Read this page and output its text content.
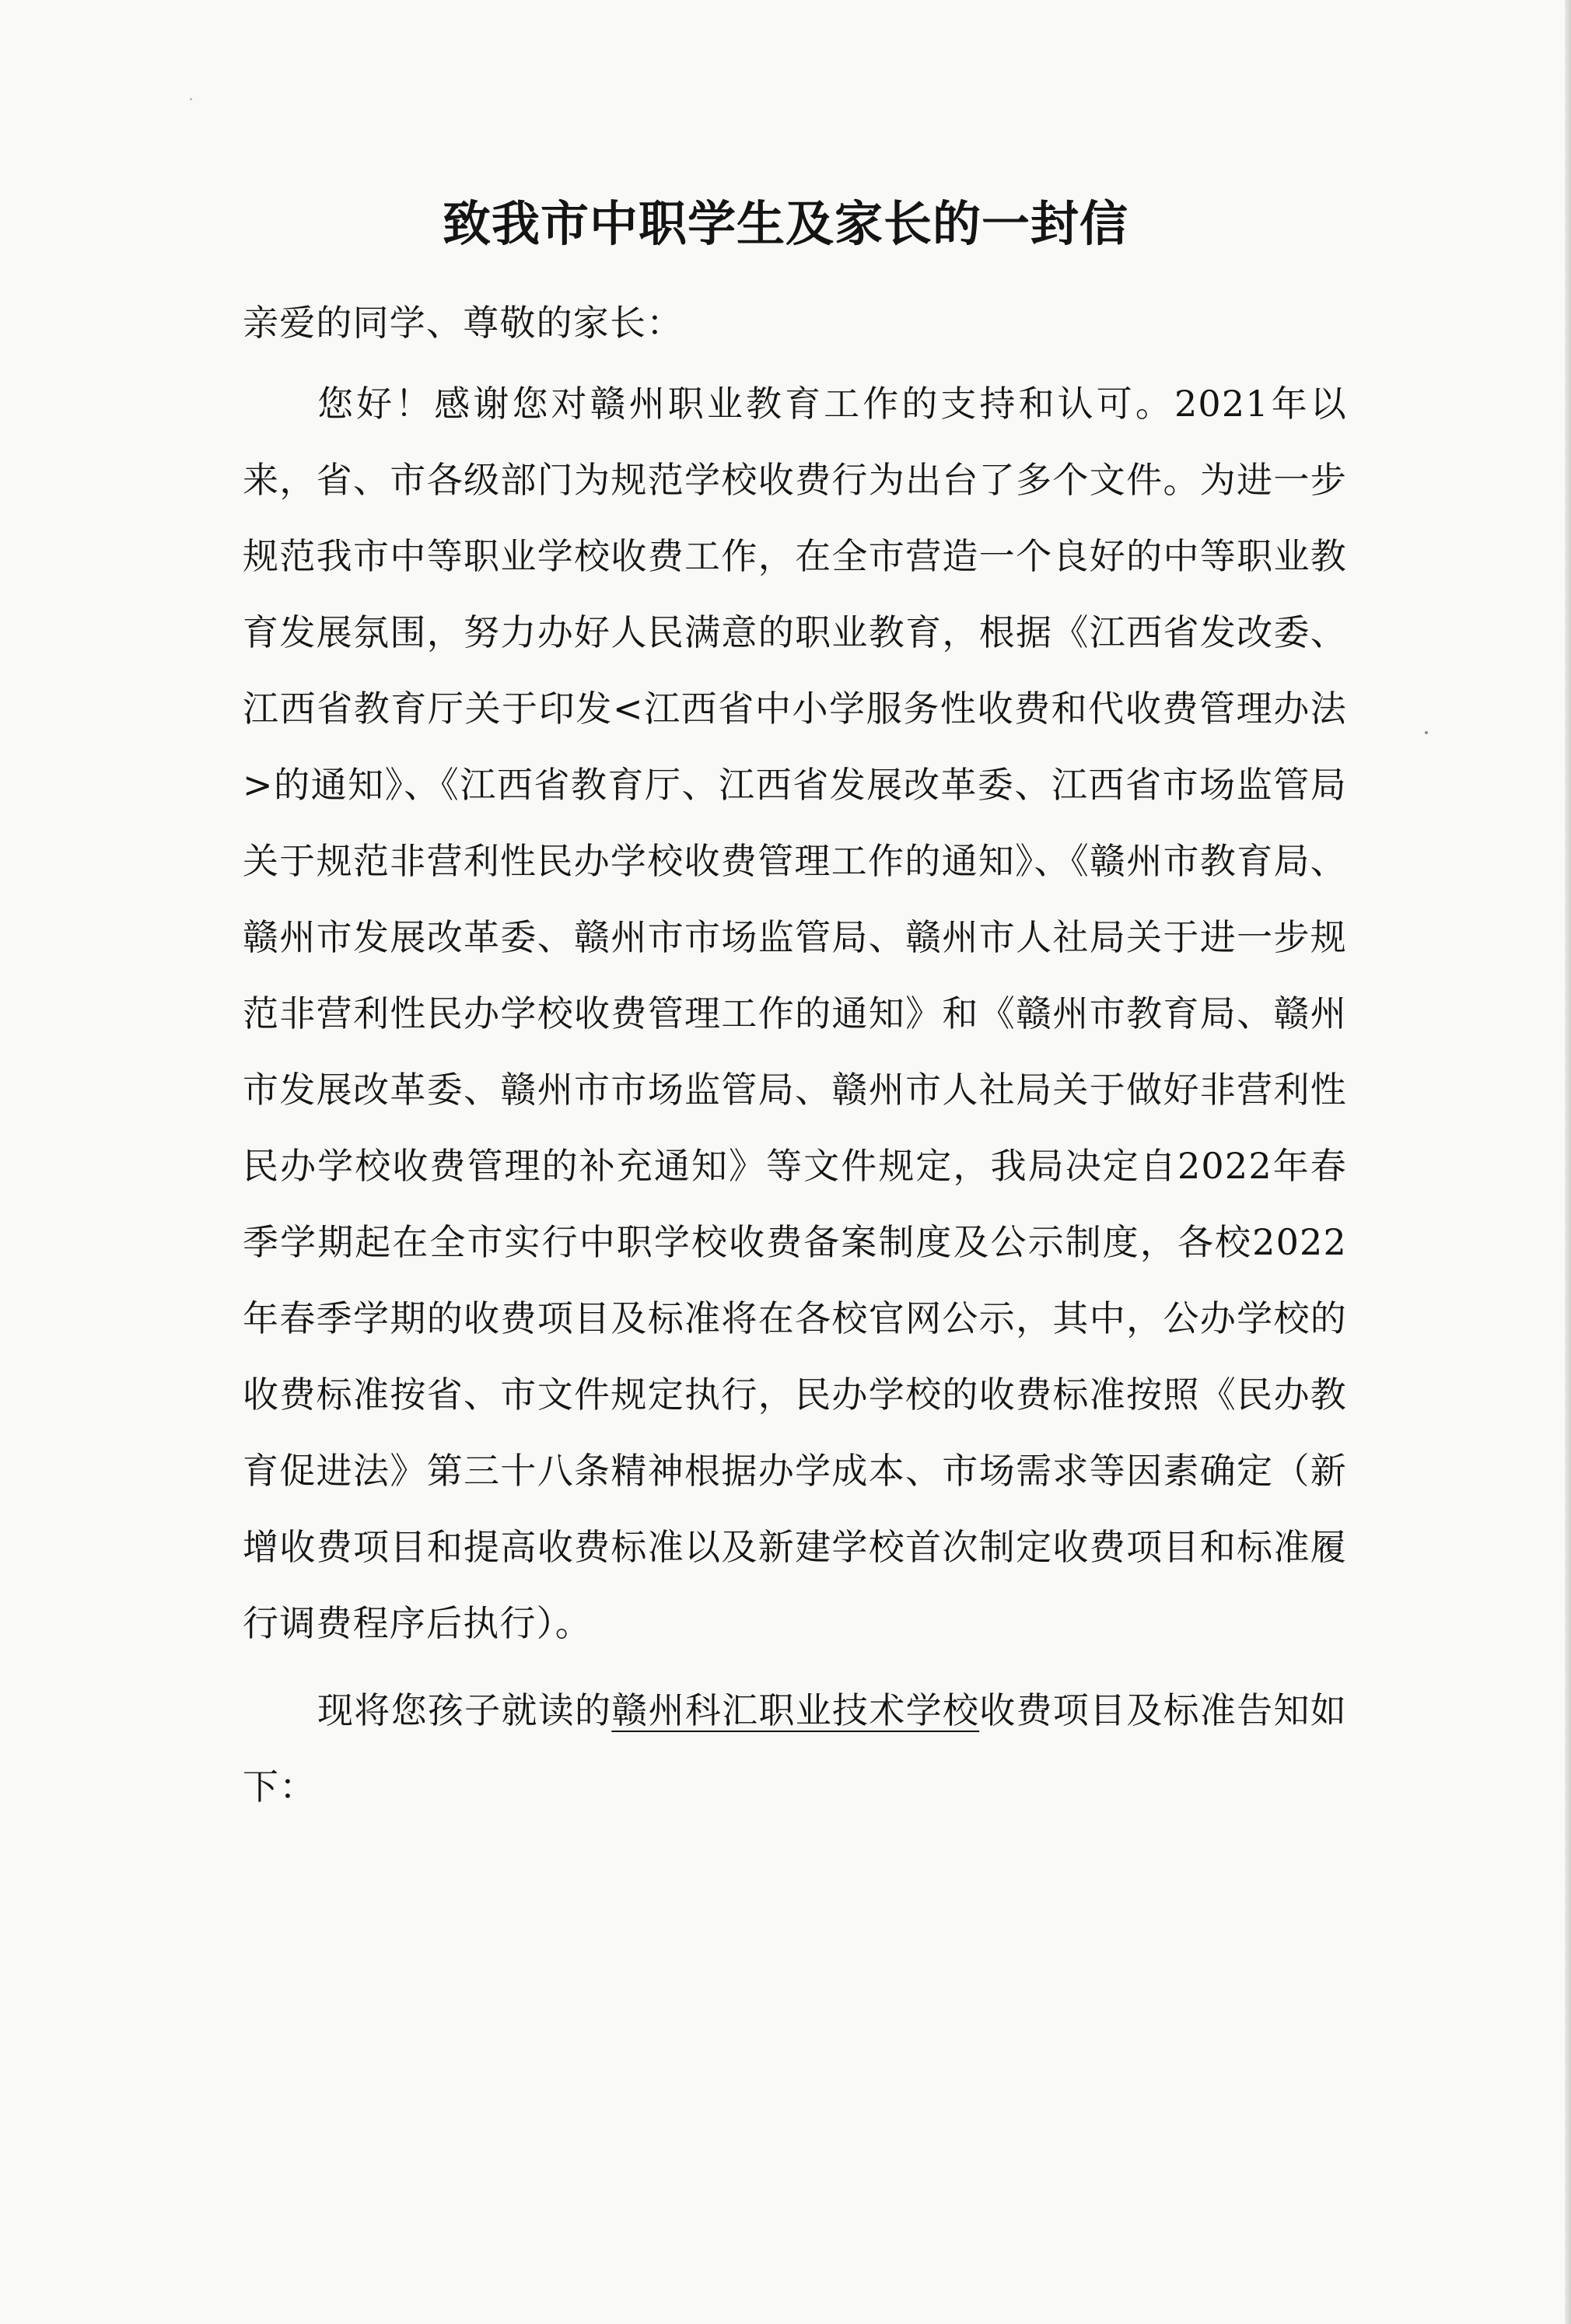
致我市中职学生及家长的一封信
亲爱的同学、尊敬的家长：
您好！感谢您对赣州职业教育工作的支持和认可。2021年以来，省、市各级部门为规范学校收费行为出台了多个文件。为进一步规范我市中等职业学校收费工作，在全市营造一个良好的中等职业教育发展氛围，努力办好人民满意的职业教育，根据《江西省发改委、江西省教育厅关于印发<江西省中小学服务性收费和代收费管理办法>的通知》、《江西省教育厅、江西省发展改革委、江西省市场监管局关于规范非营利性民办学校收费管理工作的通知》、《赣州市教育局、赣州市发展改革委、赣州市市场监管局、赣州市人社局关于进一步规范非营利性民办学校收费管理工作的通知》和《赣州市教育局、赣州市发展改革委、赣州市市场监管局、赣州市人社局关于做好非营利性民办学校收费管理的补充通知》等文件规定，我局决定自2022年春季学期起在全市实行中职学校收费备案制度及公示制度，各校2022年春季学期的收费项目及标准将在各校官网公示，其中，公办学校的收费标准按省、市文件规定执行，民办学校的收费标准按照《民办教育促进法》第三十八条精神根据办学成本、市场需求等因素确定（新增收费项目和提高收费标准以及新建学校首次制定收费项目和标准履行调费程序后执行）。
现将您孩子就读的赣州科汇职业技术学校收费项目及标准告知如下：
